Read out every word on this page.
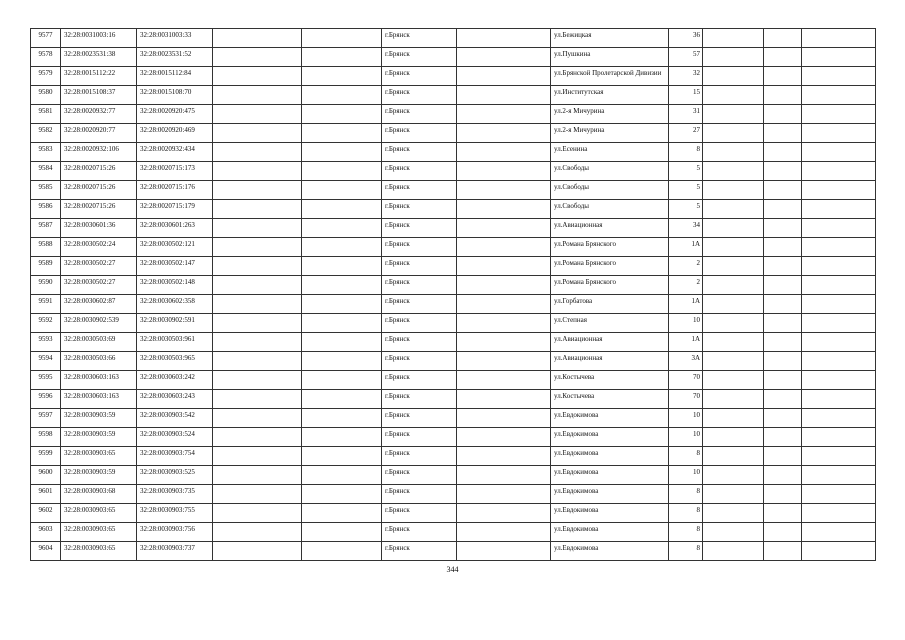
9577	32:28:0031003:16	32:28:0031003:33			г.Брянск		ул.Бежицкая	36			
9578	32:28:0023531:38	32:28:0023531:52			г.Брянск		ул.Пушкина	57			
9579	32:28:0015112:22	32:28:0015112:84			г.Брянск		ул.Брянской Пролетарской Дивизии	32			
9580	32:28:0015108:37	32:28:0015108:70			г.Брянск		ул.Институтская	15			
9581	32:28:0020932:77	32:28:0020920:475			г.Брянск		ул.2-я Мичурина	31			
9582	32:28:0020920:77	32:28:0020920:469			г.Брянск		ул.2-я Мичурина	27			
9583	32:28:0020932:106	32:28:0020932:434			г.Брянск		ул.Есенина	8			
9584	32:28:0020715:26	32:28:0020715:173			г.Брянск		ул.Свободы	5			
9585	32:28:0020715:26	32:28:0020715:176			г.Брянск		ул.Свободы	5			
9586	32:28:0020715:26	32:28:0020715:179			г.Брянск		ул.Свободы	5			
9587	32:28:0030601:36	32:28:0030601:263			г.Брянск		ул.Авиационная	34			
9588	32:28:0030502:24	32:28:0030502:121			г.Брянск		ул.Романа Брянского	1А			
9589	32:28:0030502:27	32:28:0030502:147			г.Брянск		ул.Романа Брянского	2			
9590	32:28:0030502:27	32:28:0030502:148			г.Брянск		ул.Романа Брянского	2			
9591	32:28:0030602:87	32:28:0030602:358			г.Брянск		ул.Горбатова	1А			
9592	32:28:0030902:539	32:28:0030902:591			г.Брянск		ул.Степная	10			
9593	32:28:0030503:69	32:28:0030503:961			г.Брянск		ул.Авиационная	1А			
9594	32:28:0030503:66	32:28:0030503:965			г.Брянск		ул.Авиационная	3А			
9595	32:28:0030603:163	32:28:0030603:242			г.Брянск		ул.Костычева	70			
9596	32:28:0030603:163	32:28:0030603:243			г.Брянск		ул.Костычева	70			
9597	32:28:0030903:59	32:28:0030903:542			г.Брянск		ул.Евдокимова	10			
9598	32:28:0030903:59	32:28:0030903:524			г.Брянск		ул.Евдокимова	10			
9599	32:28:0030903:65	32:28:0030903:754			г.Брянск		ул.Евдокимова	8			
9600	32:28:0030903:59	32:28:0030903:525			г.Брянск		ул.Евдокимова	10			
9601	32:28:0030903:68	32:28:0030903:735			г.Брянск		ул.Евдокимова	8			
9602	32:28:0030903:65	32:28:0030903:755			г.Брянск		ул.Евдокимова	8			
9603	32:28:0030903:65	32:28:0030903:756			г.Брянск		ул.Евдокимова	8			
9604	32:28:0030903:65	32:28:0030903:737			г.Брянск		ул.Евдокимова	8			
344
